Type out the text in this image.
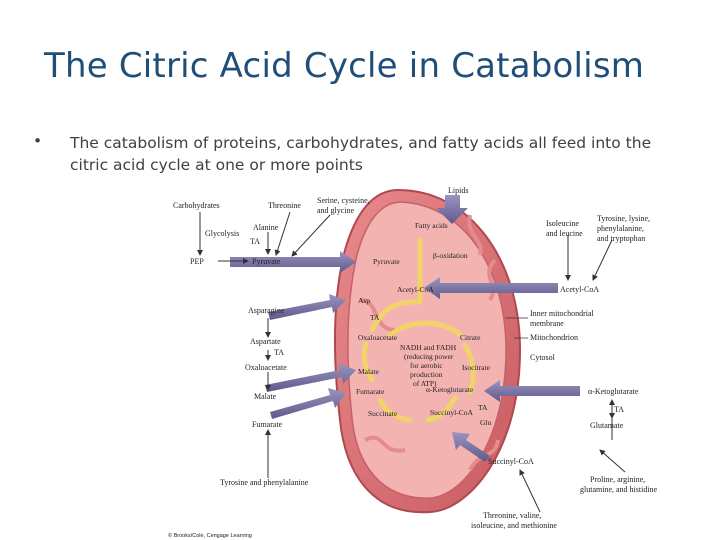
The Citric Acid Cycle in Catabolism
• The catabolism of proteins, carbohydrates, and fatty acids all feed into the citric acid cycle at one or more points
Carbohydrates
Glycolysis
PEP
Threonine
Alanine
TA
Pyruvate
Serine, cysteine,
and glycine
Asparagine
Aspartate
TA
Oxaloacetate
Malate
Fumarate
Tyrosine and phenylalanine
Lipids
Fatty acids
β-oxidation
Pyruvate
Acetyl-CoA
Asp
TA
Oxaloacetate	Citrate
NADH and FADH
(reducing power
for aerobic
production
of ATP)
Malate	Isocitrate
Fumarate	α-Ketoglutarate
Succinate	Succinyl-CoA
TA
Glu
Isoleucine
and leucine
Tyrosine, lysine,
phenylalanine,
and tryptophan
Acetyl-CoA
Inner mitochondrial
membrane
Mitochondrion
Cytosol
α-Ketoglutarate
TA
Glutamate
Succinyl-CoA
Proline, arginine,
glutamine, and histidine
Threonine, valine,
isoleucine, and methionine
© Brooks/Cole, Cengage Learning
